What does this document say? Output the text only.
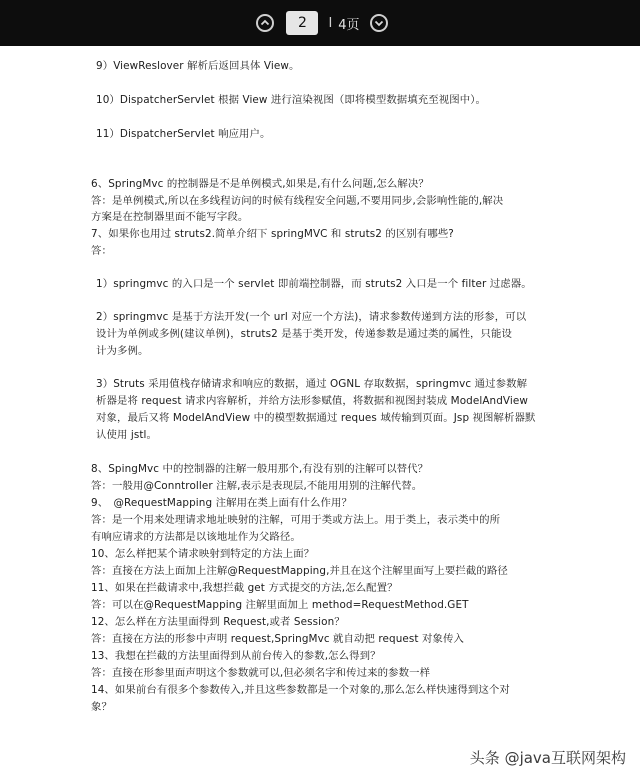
2	I 4页
9）ViewReslover 解析后返回具体 View。
10）DispatcherServlet 根据 View 进行渲染视图（即将模型数据填充至视图中）。
11）DispatcherServlet 响应用户。
6、SpringMvc 的控制器是不是单例模式,如果是,有什么问题,怎么解决？
答：是单例模式,所以在多线程访问的时候有线程安全问题,不要用同步,会影响性能的,解决
方案是在控制器里面不能写字段。
7、如果你也用过 struts2.简单介绍下 springMVC 和 struts2 的区别有哪些?
答：
1）springmvc 的入口是一个 servlet 即前端控制器，而 struts2 入口是一个 filter 过虑器。
2）springmvc 是基于方法开发(一个 url 对应一个方法)，请求参数传递到方法的形参，可以
设计为单例或多例(建议单例)，struts2 是基于类开发，传递参数是通过类的属性，只能设
计为多例。
3）Struts 采用值栈存储请求和响应的数据，通过 OGNL 存取数据，springmvc 通过参数解
析器是将 request 请求内容解析，并给方法形参赋值，将数据和视图封装成 ModelAndView
对象，最后又将 ModelAndView 中的模型数据通过 reques 域传输到页面。Jsp 视图解析器默
认使用 jstl。
8、SpingMvc 中的控制器的注解一般用那个,有没有别的注解可以替代？
答：一般用@Conntroller 注解,表示是表现层,不能用用别的注解代替。
9、　@RequestMapping 注解用在类上面有什么作用？
答：是一个用来处理请求地址映射的注解，可用于类或方法上。用于类上，表示类中的所
有响应请求的方法都是以该地址作为父路径。
10、怎么样把某个请求映射到特定的方法上面？
答：直接在方法上面加上注解@RequestMapping,并且在这个注解里面写上要拦截的路径
11、如果在拦截请求中,我想拦截 get 方式提交的方法,怎么配置？
答：可以在@RequestMapping 注解里面加上 method=RequestMethod.GET
12、怎么样在方法里面得到 Request,或者 Session？
答：直接在方法的形参中声明 request,SpringMvc 就自动把 request 对象传入
13、我想在拦截的方法里面得到从前台传入的参数,怎么得到？
答：直接在形参里面声明这个参数就可以,但必须名字和传过来的参数一样
14、如果前台有很多个参数传入,并且这些参数都是一个对象的,那么怎么样快速得到这个对
象？
头条 @java互联网架构
